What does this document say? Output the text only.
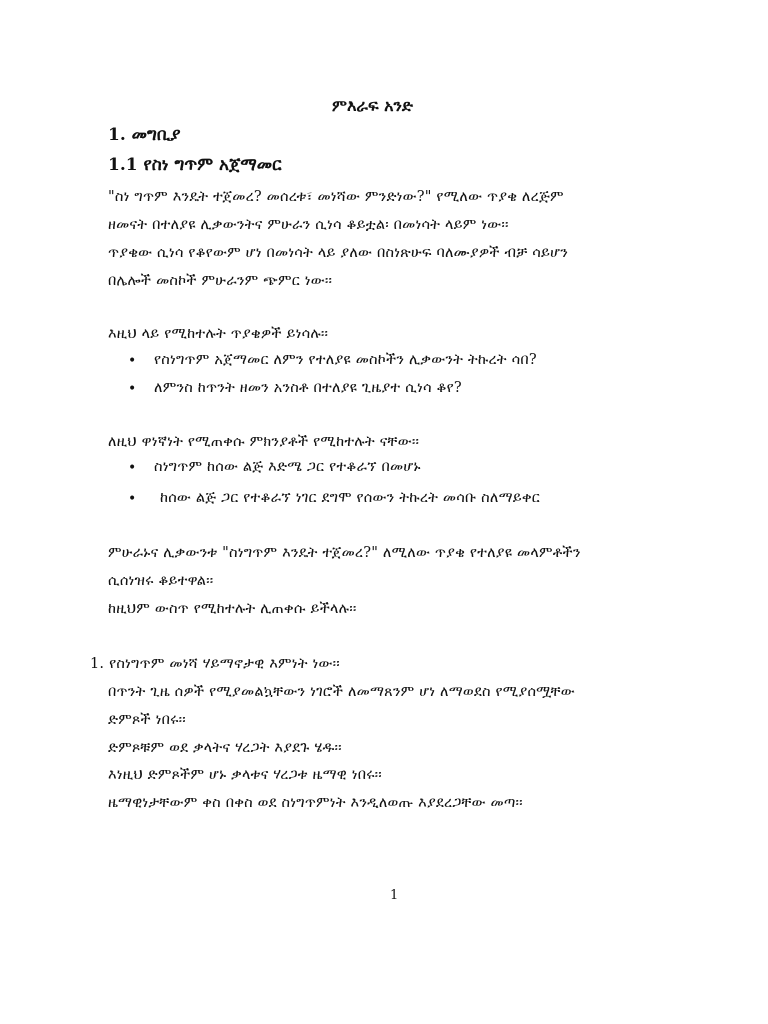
ምእራፍ አንድ
1. መግቢያ
1.1 የስነ ግጥም አጀማመር
"ስነ ግጥም እንዴት ተጀመረ? መሰረቱ፣ መነሻው ምንድነው?" የሚለው ጥያቄ ለረጅም
ዘመናት በተለያዩ ሊቃውንትና ምሁራን ሲነሳ ቆይቷል፡ በመነሳት ላይም ነው፡፡
ጥያቄው ሲነሳ የቆየውም ሆነ በመነሳት ላይ ያለው በስነጽሁፍ ባለሙያዎች ብቻ ሳይሆን
በሌሎች መስኮች ምሁራንም ጭምር ነው፡፡
እዚህ ላይ የሚከተሉት ጥያቄዎች ይነሳሉ፡፡
• የስነግጥም አጀማመር ለምን የተለያዩ መስኮችን ሊቃውንት ትኩረት ሳበ?
• ለምንስ ከጥንት ዘመን አንስቶ በተለያዩ ጊዜያተ ሲነሳ ቆየ?
ለዚህ ዋነኛነት የሚጠቀሱ ምክንያቶች የሚከተሉት ናቸው፡፡
• ስነግጥም ከሰው ልጅ እድሜ ጋር የተቆራኘ በመሆኑ
• ከሰው ልጅ ጋር የተቆራኘ ነገር ደግሞ የሰውን ትኩረት መሳቡ ስለማይቀር
ምሁራኑና ሊቃውንቱ "ስነግጥም እንዴት ተጀመረ?" ለሚለው ጥያቄ የተለያዩ መላምቶችን
ሲሰነዝሩ ቆይተዋል፡፡
ከዚህም ውስጥ የሚከተሉት ሊጠቀሱ ይችላሉ፡፡
1. የስነግጥም መነሻ ሃይማኖታዊ እምነት ነው፡፡
በጥንት ጊዜ ሰዎች የሚያመልኳቸውን ነገሮች ለመማጸንም ሆነ ለማወደስ የሚያሰሟቸው
ድምጾች ነበሩ፡፡
ድምጾቹም ወደ ቃላትና ሃረጋት እያደጉ ሄዱ፡፡
እነዚህ ድምጾችም ሆኑ ቃላቱና ሃረጋቱ ዜማዊ ነበሩ፡፡
ዜማዊነታቸውም ቀስ በቀስ ወደ ስነግጥምነት እንዲለወጡ እያደረጋቸው መጣ፡፡
1
